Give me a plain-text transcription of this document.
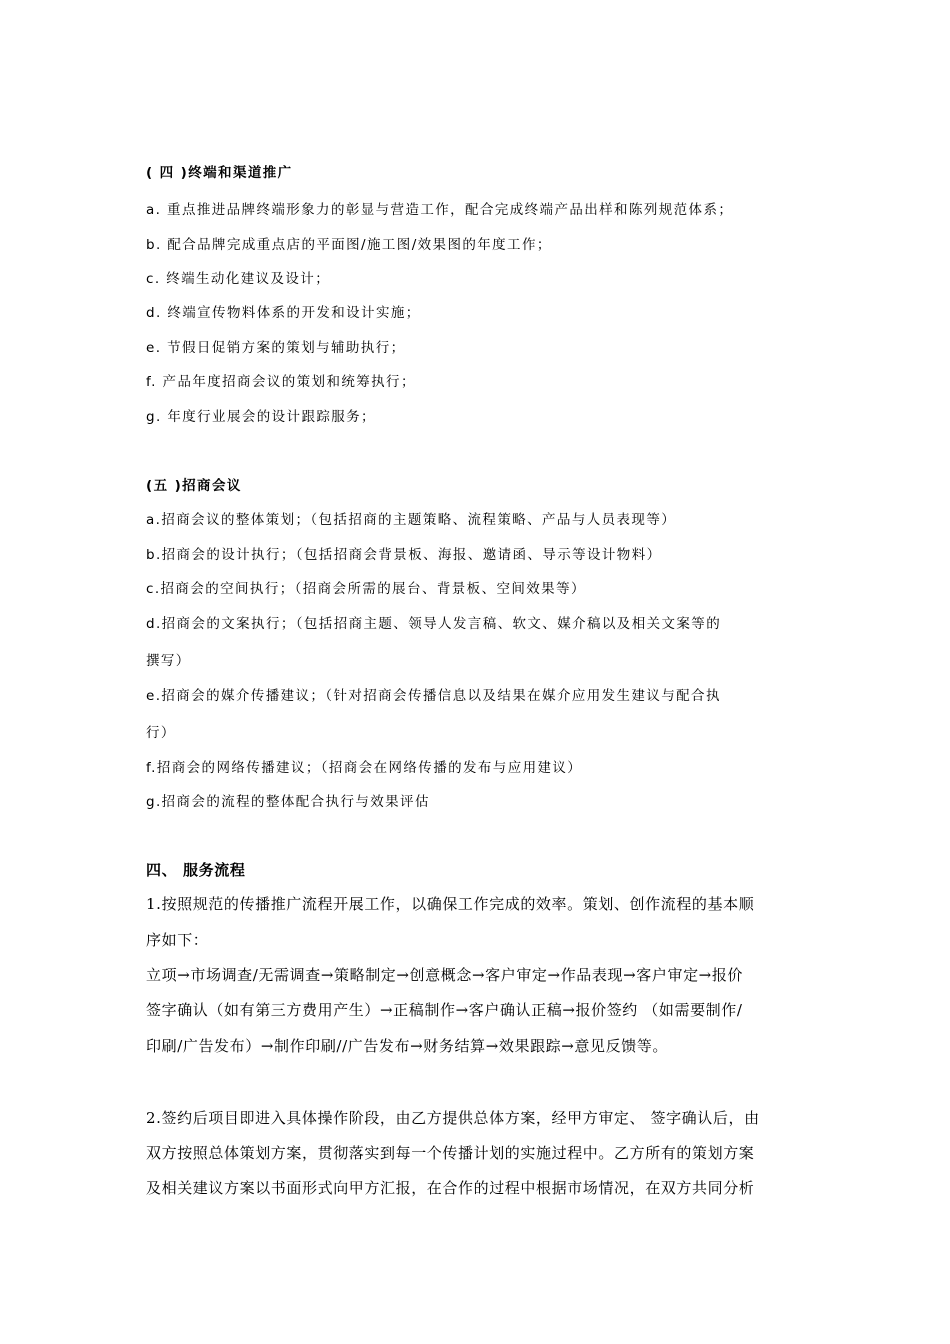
( 四 )终端和渠道推广
a. 重点推进品牌终端形象力的彰显与营造工作，配合完成终端产品出样和陈列规范体系；
b. 配合品牌完成重点店的平面图/施工图/效果图的年度工作；
c. 终端生动化建议及设计；
d. 终端宣传物料体系的开发和设计实施；
e. 节假日促销方案的策划与辅助执行；
f. 产品年度招商会议的策划和统筹执行；
g. 年度行业展会的设计跟踪服务；
(五 )招商会议
a.招商会议的整体策划；（包括招商的主题策略、流程策略、产品与人员表现等）
b.招商会的设计执行；（包括招商会背景板、海报、邀请函、导示等设计物料）
c.招商会的空间执行；（招商会所需的展台、背景板、空间效果等）
d.招商会的文案执行；（包括招商主题、领导人发言稿、软文、媒介稿以及相关文案等的
撰写）
e.招商会的媒介传播建议；（针对招商会传播信息以及结果在媒介应用发生建议与配合执
行）
f.招商会的网络传播建议；（招商会在网络传播的发布与应用建议）
g.招商会的流程的整体配合执行与效果评估
四、 服务流程
1.按照规范的传播推广流程开展工作，以确保工作完成的效率。策划、创作流程的基本顺
序如下：
立项→市场调查/无需调查→策略制定→创意概念→客户审定→作品表现→客户审定→报价
签字确认（如有第三方费用产生）→正稿制作→客户确认正稿→报价签约 （如需要制作/
印刷/广告发布）→制作印刷//广告发布→财务结算→效果跟踪→意见反馈等。
2.签约后项目即进入具体操作阶段，由乙方提供总体方案，经甲方审定、 签字确认后，由
双方按照总体策划方案，贯彻落实到每一个传播计划的实施过程中。乙方所有的策划方案
及相关建议方案以书面形式向甲方汇报，在合作的过程中根据市场情况，在双方共同分析
